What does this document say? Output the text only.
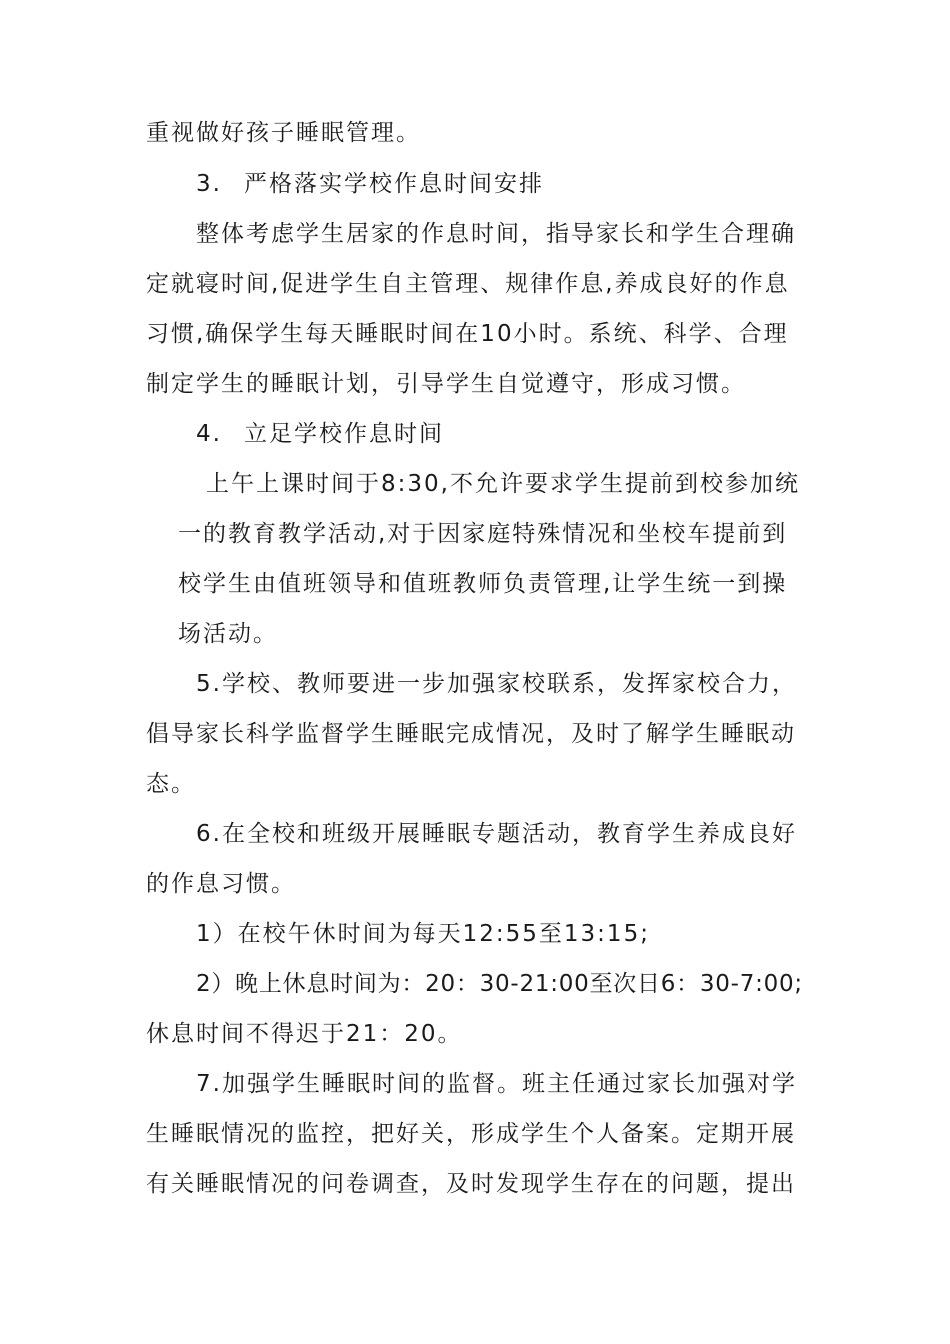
重视做好孩子睡眠管理。
3. 严格落实学校作息时间安排
整体考虑学生居家的作息时间，指导家长和学生合理确
定就寝时间,促进学生自主管理、规律作息,养成良好的作息
习惯,确保学生每天睡眠时间在10小时。系统、科学、合理
制定学生的睡眠计划，引导学生自觉遵守，形成习惯。
4. 立足学校作息时间
上午上课时间于8:30,不允许要求学生提前到校参加统
一的教育教学活动,对于因家庭特殊情况和坐校车提前到
校学生由值班领导和值班教师负责管理,让学生统一到操
场活动。
5.学校、教师要进一步加强家校联系，发挥家校合力，
倡导家长科学监督学生睡眠完成情况，及时了解学生睡眠动
态。
6.在全校和班级开展睡眠专题活动，教育学生养成良好
的作息习惯。
1）在校午休时间为每天12:55至13:15;
2）晚上休息时间为：20：30-21:00至次日6：30-7:00;
休息时间不得迟于21：20。
7.加强学生睡眠时间的监督。班主任通过家长加强对学
生睡眠情况的监控，把好关，形成学生个人备案。定期开展
有关睡眠情况的问卷调查，及时发现学生存在的问题，提出
